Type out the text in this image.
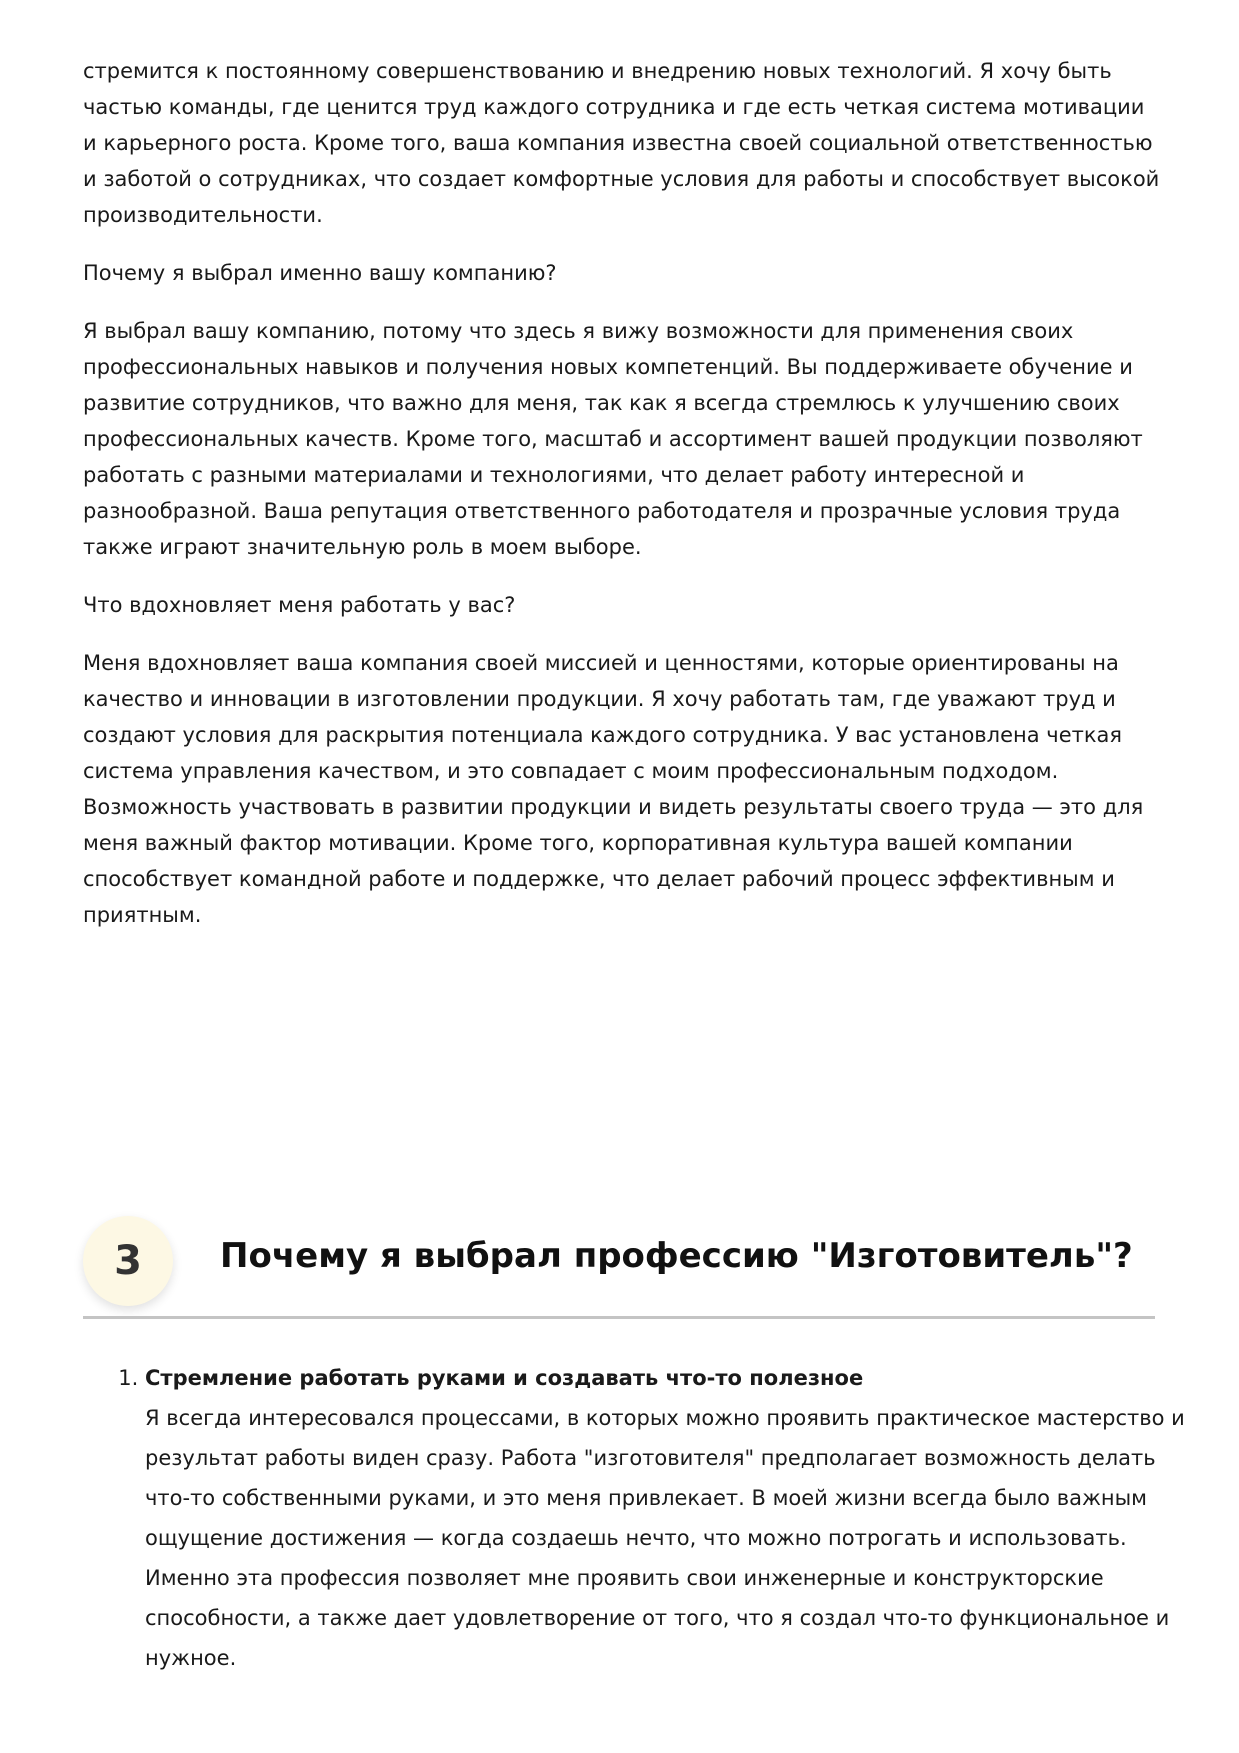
стремится к постоянному совершенствованию и внедрению новых технологий. Я хочу быть частью команды, где ценится труд каждого сотрудника и где есть четкая система мотивации и карьерного роста. Кроме того, ваша компания известна своей социальной ответственностью и заботой о сотрудниках, что создает комфортные условия для работы и способствует высокой производительности.

Почему я выбрал именно вашу компанию?

Я выбрал вашу компанию, потому что здесь я вижу возможности для применения своих профессиональных навыков и получения новых компетенций. Вы поддерживаете обучение и развитие сотрудников, что важно для меня, так как я всегда стремлюсь к улучшению своих профессиональных качеств. Кроме того, масштаб и ассортимент вашей продукции позволяют работать с разными материалами и технологиями, что делает работу интересной и разнообразной. Ваша репутация ответственного работодателя и прозрачные условия труда также играют значительную роль в моем выборе.

Что вдохновляет меня работать у вас?

Меня вдохновляет ваша компания своей миссией и ценностями, которые ориентированы на качество и инновации в изготовлении продукции. Я хочу работать там, где уважают труд и создают условия для раскрытия потенциала каждого сотрудника. У вас установлена четкая система управления качеством, и это совпадает с моим профессиональным подходом. Возможность участвовать в развитии продукции и видеть результаты своего труда — это для меня важный фактор мотивации. Кроме того, корпоративная культура вашей компании способствует командной работе и поддержке, что делает рабочий процесс эффективным и приятным.

3	Почему я выбрал профессию "Изготовитель"?
1. Стремление работать руками и создавать что-то полезное
Я всегда интересовался процессами, в которых можно проявить практическое мастерство и результат работы виден сразу. Работа "изготовителя" предполагает возможность делать что-то собственными руками, и это меня привлекает. В моей жизни всегда было важным ощущение достижения — когда создаешь нечто, что можно потрогать и использовать. Именно эта профессия позволяет мне проявить свои инженерные и конструкторские способности, а также дает удовлетворение от того, что я создал что-то функциональное и нужное.
